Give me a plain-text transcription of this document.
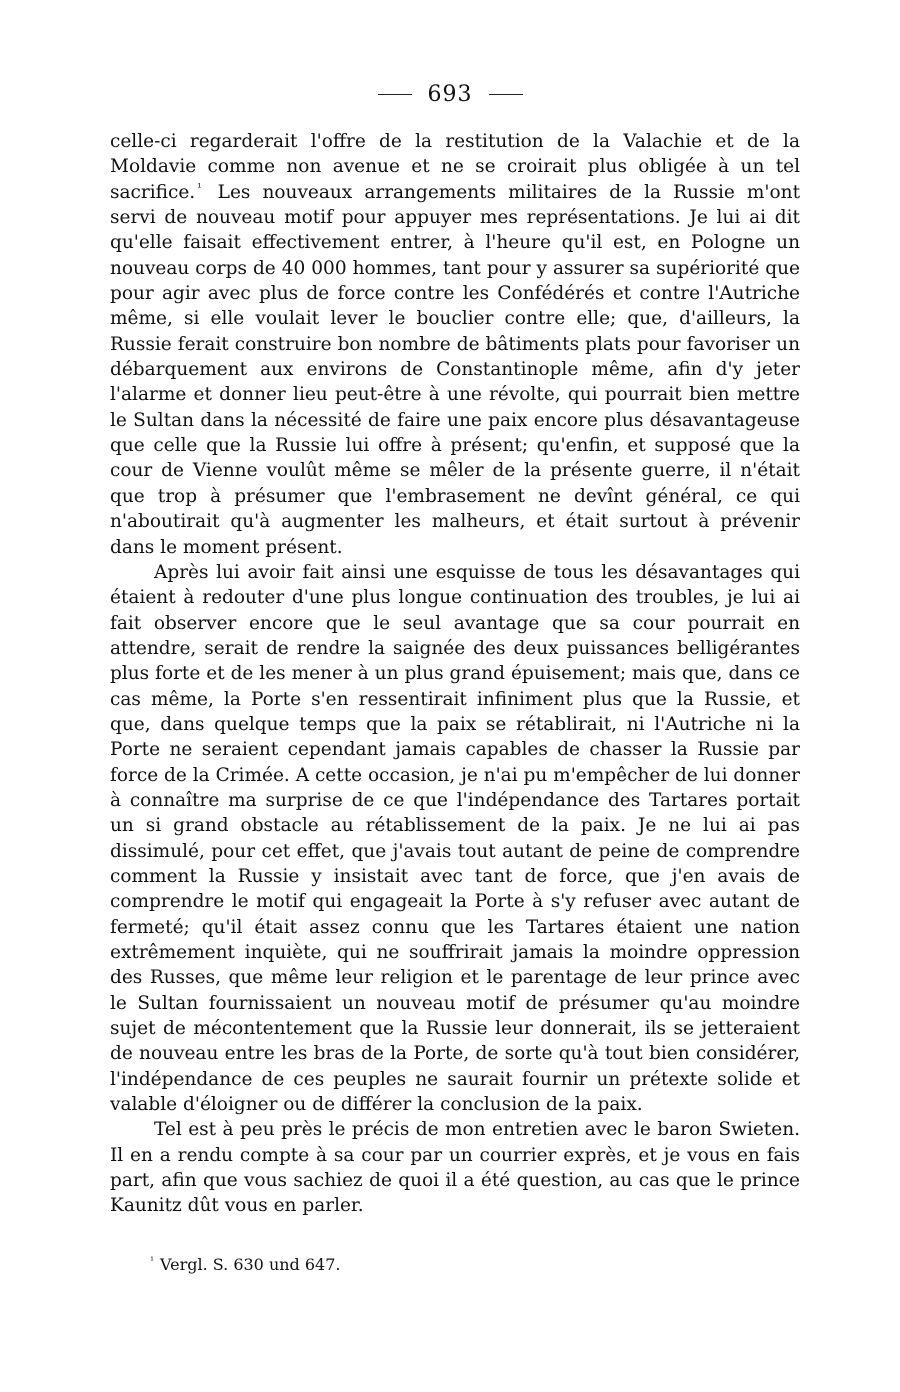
693

celle-ci regarderait l'offre de la restitution de la Valachie et de la Moldavie comme non avenue et ne se croirait plus obligée à un tel sacrifice. $^{^1}$ Les nouveaux arrangements militaires de la Russie m'ont servi de nouveau motif pour appuyer mes représentations. Je lui ai dit qu'elle faisait effectivement entrer, à l'heure qu'il est, en Pologne un nouveau corps de 40 000 hommes, tant pour y assurer sa supériorité que pour agir avec plus de force contre les Confédérés et contre l'Autriche même, si elle voulait lever le bouclier contre elle; que, d'ailleurs, la Russie ferait construire bon nombre de bâtiments plats pour favoriser un débarquement aux environs de Constantinople même, afin d'y jeter l'alarme et donner lieu peut-être à une révolte, qui pourrait bien mettre le Sultan dans la nécessité de faire une paix encore plus désavantageuse que celle que la Russie lui offre à présent; qu'enfin, et supposé que la cour de Vienne voulût même se mêler de la présente guerre, il n'était que trop à présumer que l'embrasement ne devînt général, ce qui n'aboutirait qu'à augmenter les malheurs, et était surtout à prévenir dans le moment présent.

Après lui avoir fait ainsi une esquisse de tous les désavantages qui étaient à redouter d'une plus longue continuation des troubles, je lui ai fait observer encore que le seul avantage que sa cour pourrait en attendre, serait de rendre la saignée des deux puissances belligérantes plus forte et de les mener à un plus grand épuisement; mais que, dans ce cas même, la Porte s'en ressentirait infiniment plus que la Russie, et que, dans quelque temps que la paix se rétablirait, ni l'Autriche ni la Porte ne seraient cependant jamais capables de chasser la Russie par force de la Crimée. A cette occasion, je n'ai pu m'empêcher de lui donner à connaître ma surprise de ce que l'indépendance des Tartares portait un si grand obstacle au rétablissement de la paix. Je ne lui ai pas dissimulé, pour cet effet, que j'avais tout autant de peine de comprendre comment la Russie y insistait avec tant de force, que j'en avais de comprendre le motif qui engageait la Porte à s'y refuser avec autant de fermeté; qu'il était assez connu que les Tartares étaient une nation extrêmement inquiète, qui ne souffrirait jamais la moindre oppression des Russes, que même leur religion et le parentage de leur prince avec le Sultan fournissaient un nouveau motif de présumer qu'au moindre sujet de mécontentement que la Russie leur donnerait, ils se jetteraient de nouveau entre les bras de la Porte, de sorte qu'à tout bien considérer, l'indépendance de ces peuples ne saurait fournir un prétexte solide et valable d'éloigner ou de différer la conclusion de la paix.

Tel est à peu près le précis de mon entretien avec le baron Swieten. Il en a rendu compte à sa cour par un courrier exprès, et je vous en fais part, afin que vous sachiez de quoi il a été question, au cas que le prince Kaunitz dût vous en parler.

$^{^1}$ Vergl. S. 630 und 647.
